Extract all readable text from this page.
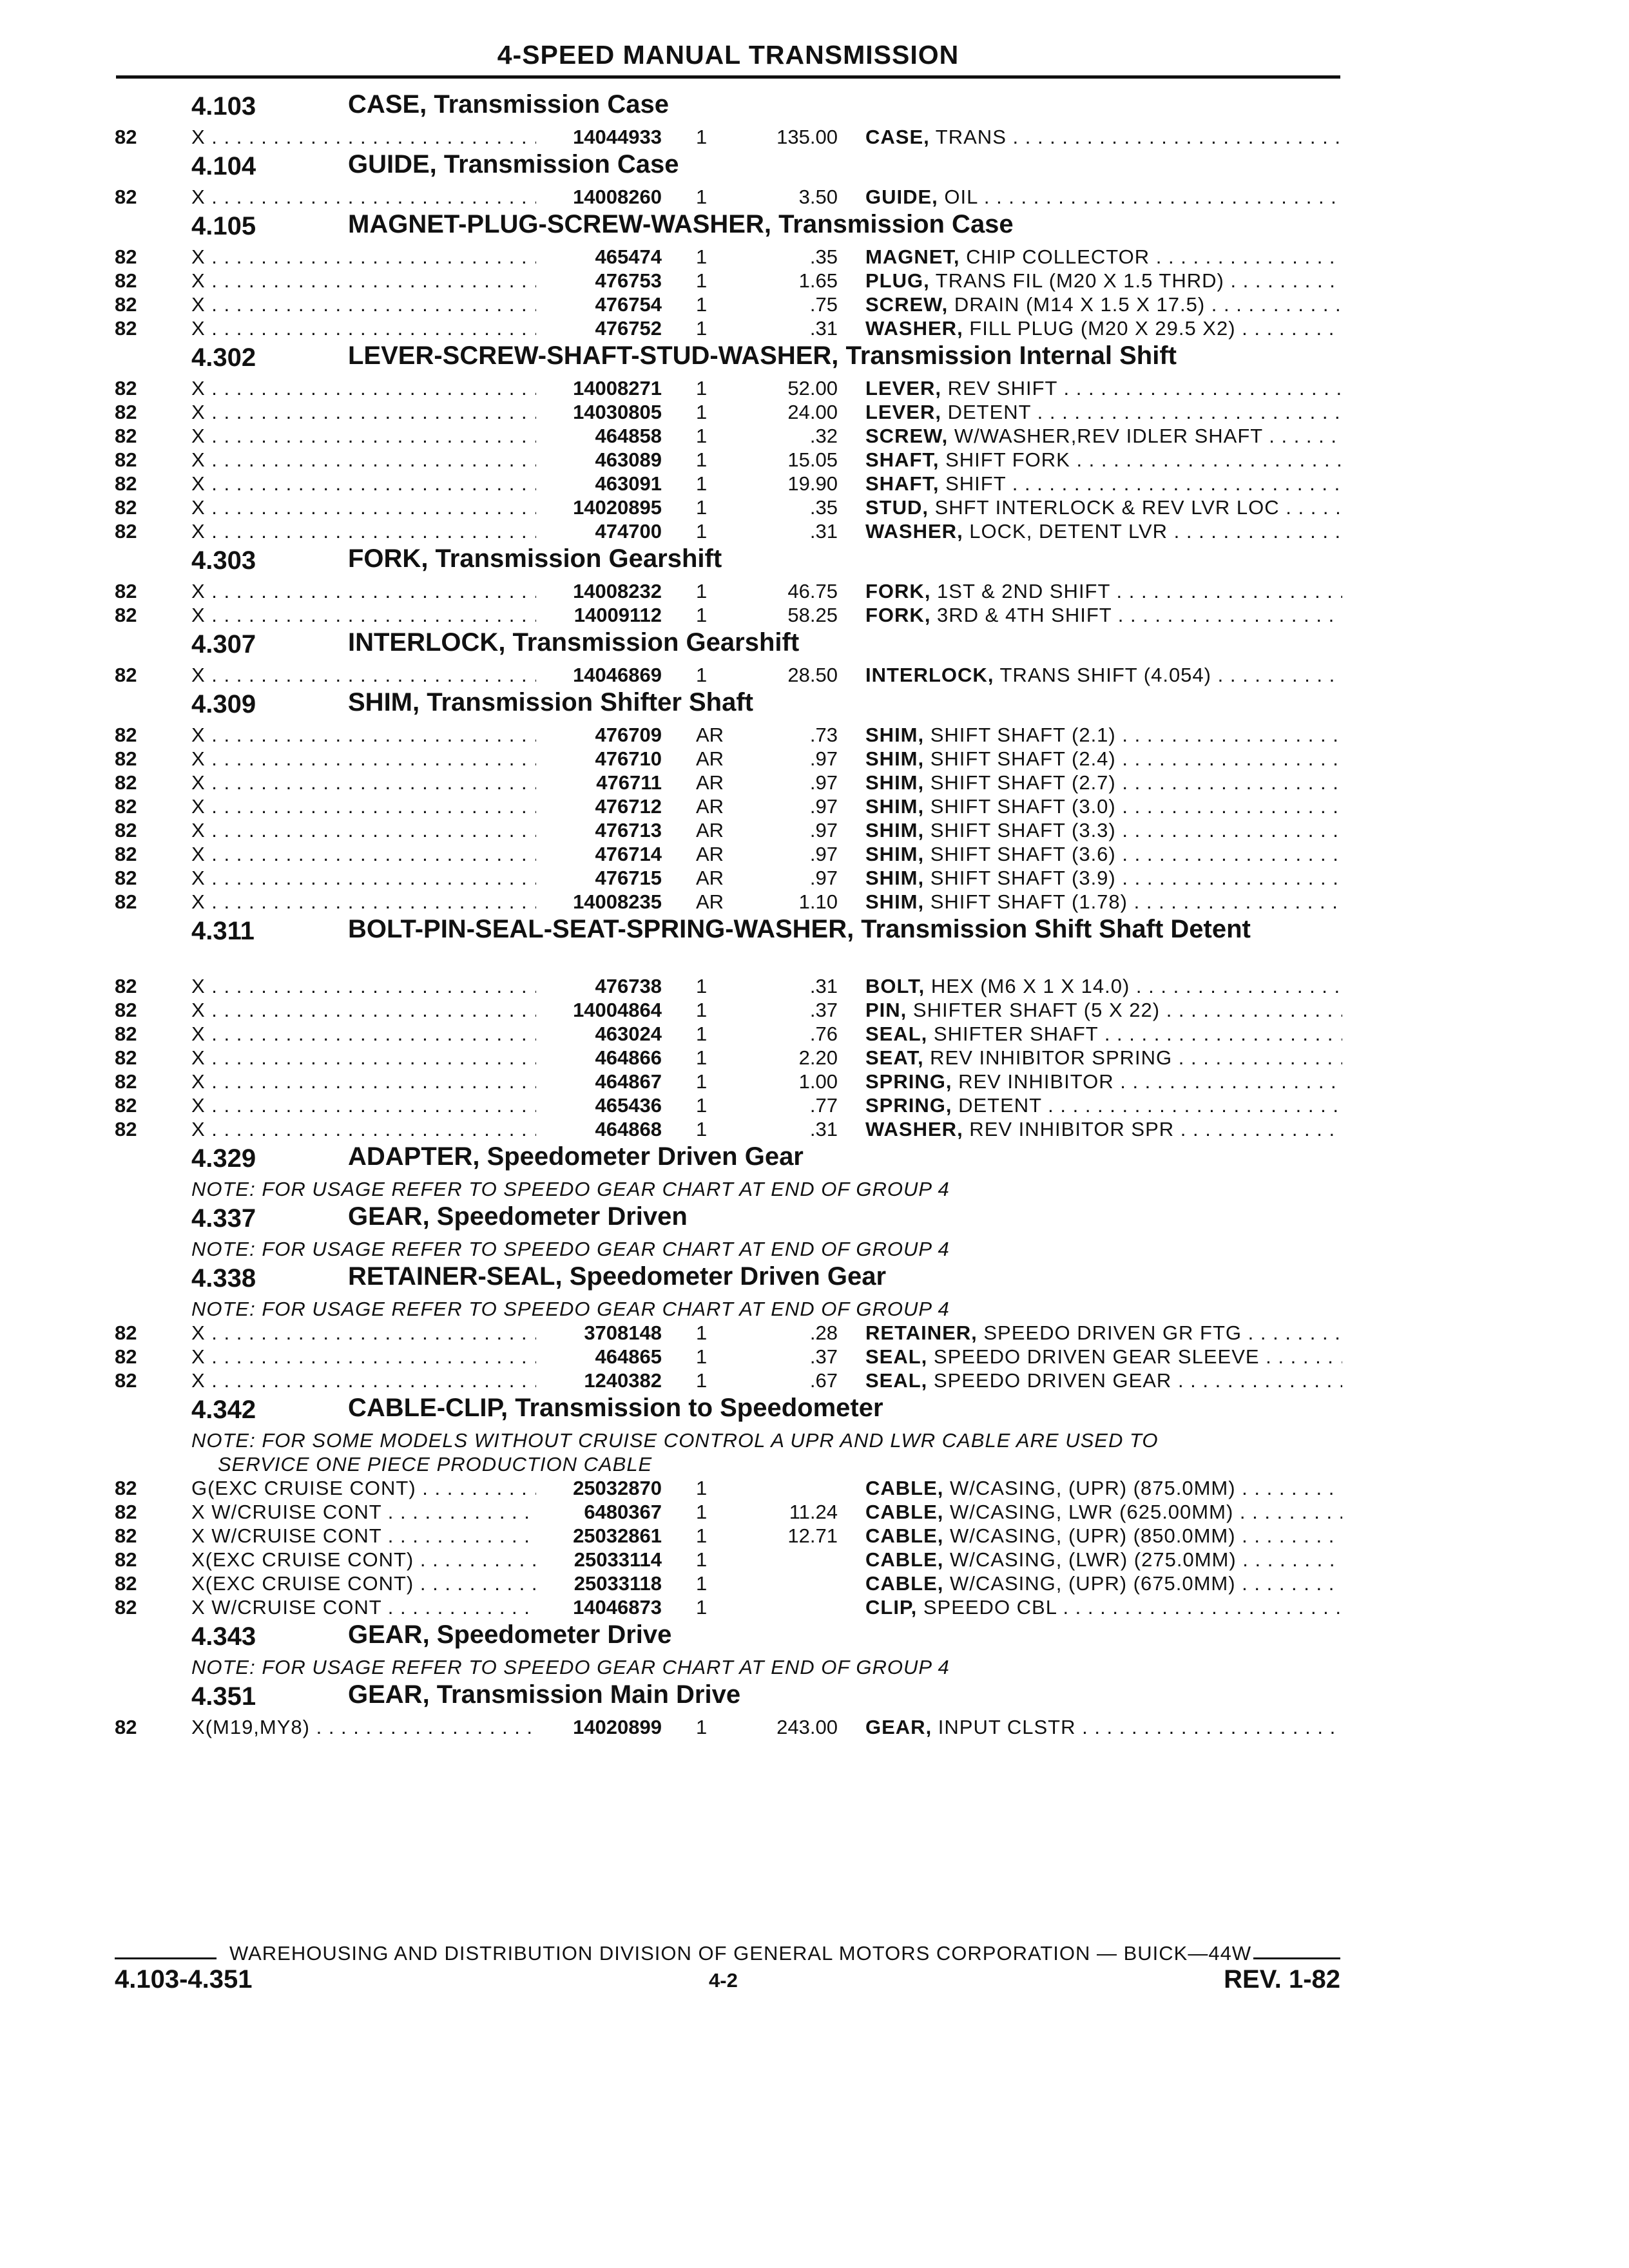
4-SPEED MANUAL TRANSMISSION
4.103	CASE, Transmission Case
82	X . . .	14044933 1	135.00 CASE, TRANS . . .
4.104	GUIDE, Transmission Case
82	X . . .	14008260 1	3.50 GUIDE, OIL . . .
4.105	MAGNET-PLUG-SCREW-WASHER, Transmission Case
82	X . . .	465474 1	.35 MAGNET, CHIP COLLECTOR . . .
82	X . . .	476753 1	1.65 PLUG, TRANS FIL (M20 X 1.5 THRD) . . .
82	X . . .	476754 1	.75 SCREW, DRAIN (M14 X 1.5 X 17.5) . . .
82	X . . .	476752 1	.31 WASHER, FILL PLUG (M20 X 29.5 X2) . . .
4.302	LEVER-SCREW-SHAFT-STUD-WASHER, Transmission Internal Shift
82	X . . .	14008271 1	52.00 LEVER, REV SHIFT . . .
82	X . . .	14030805 1	24.00 LEVER, DETENT . . .
82	X . . .	464858 1	.32 SCREW, W/WASHER,REV IDLER SHAFT . . .
82	X . . .	463089 1	15.05 SHAFT, SHIFT FORK . . .
82	X . . .	463091 1	19.90 SHAFT, SHIFT . . .
82	X . . .	14020895 1	.35 STUD, SHFT INTERLOCK & REV LVR LOC . . .
82	X . . .	474700 1	.31 WASHER, LOCK, DETENT LVR . . .
4.303	FORK, Transmission Gearshift
82	X . . .	14008232 1	46.75 FORK, 1ST & 2ND SHIFT . . .
82	X . . .	14009112 1	58.25 FORK, 3RD & 4TH SHIFT . . .
4.307	INTERLOCK, Transmission Gearshift
82	X . . .	14046869 1	28.50 INTERLOCK, TRANS SHIFT (4.054) . . .
4.309	SHIM, Transmission Shifter Shaft
82	X . . .	476709 AR	.73 SHIM, SHIFT SHAFT (2.1) . . .
82	X . . .	476710 AR	.97 SHIM, SHIFT SHAFT (2.4) . . .
82	X . . .	476711 AR	.97 SHIM, SHIFT SHAFT (2.7) . . .
82	X . . .	476712 AR	.97 SHIM, SHIFT SHAFT (3.0) . . .
82	X . . .	476713 AR	.97 SHIM, SHIFT SHAFT (3.3) . . .
82	X . . .	476714 AR	.97 SHIM, SHIFT SHAFT (3.6) . . .
82	X . . .	476715 AR	.97 SHIM, SHIFT SHAFT (3.9) . . .
82	X . . .	14008235 AR	1.10 SHIM, SHIFT SHAFT (1.78) . . .
4.311	BOLT-PIN-SEAL-SEAT-SPRING-WASHER, Transmission Shift Shaft Detent
82	X . . .	476738 1	.31 BOLT, HEX (M6 X 1 X 14.0) . . .
82	X . . .	14004864 1	.37 PIN, SHIFTER SHAFT (5 X 22) . . .
82	X . . .	463024 1	.76 SEAL, SHIFTER SHAFT . . .
82	X . . .	464866 1	2.20 SEAT, REV INHIBITOR SPRING . . .
82	X . . .	464867 1	1.00 SPRING, REV INHIBITOR . . .
82	X . . .	465436 1	.77 SPRING, DETENT . . .
82	X . . .	464868 1	.31 WASHER, REV INHIBITOR SPR . . .
4.329	ADAPTER, Speedometer Driven Gear
NOTE: FOR USAGE REFER TO SPEEDO GEAR CHART AT END OF GROUP 4
4.337	GEAR, Speedometer Driven
NOTE: FOR USAGE REFER TO SPEEDO GEAR CHART AT END OF GROUP 4
4.338	RETAINER-SEAL, Speedometer Driven Gear
NOTE: FOR USAGE REFER TO SPEEDO GEAR CHART AT END OF GROUP 4
82	X . . .	3708148 1	.28 RETAINER, SPEEDO DRIVEN GR FTG . . .
82	X . . .	464865 1	.37 SEAL, SPEEDO DRIVEN GEAR SLEEVE . . .
82	X . . .	1240382 1	.67 SEAL, SPEEDO DRIVEN GEAR . . .
4.342	CABLE-CLIP, Transmission to Speedometer
NOTE: FOR SOME MODELS WITHOUT CRUISE CONTROL A UPR AND LWR CABLE ARE USED TO
SERVICE ONE PIECE PRODUCTION CABLE
82	G(EXC CRUISE CONT) . . .	25032870 1	CABLE, W/CASING, (UPR) (875.0MM) . . .
82	X W/CRUISE CONT . . .	6480367 1	11.24 CABLE, W/CASING, LWR (625.00MM) . . .
82	X W/CRUISE CONT . . .	25032861 1	12.71 CABLE, W/CASING, (UPR) (850.0MM) . . .
82	X(EXC CRUISE CONT) . . .	25033114 1	CABLE, W/CASING, (LWR) (275.0MM) . . .
82	X(EXC CRUISE CONT) . . .	25033118 1	CABLE, W/CASING, (UPR) (675.0MM) . . .
82	X W/CRUISE CONT . . .	14046873 1	CLIP, SPEEDO CBL . . .
4.343	GEAR, Speedometer Drive
NOTE: FOR USAGE REFER TO SPEEDO GEAR CHART AT END OF GROUP 4
4.351	GEAR, Transmission Main Drive
82	X(M19,MY8) . . .	14020899 1	243.00 GEAR, INPUT CLSTR . . .
WAREHOUSING AND DISTRIBUTION DIVISION OF GENERAL MOTORS CORPORATION — BUICK—44W
4.103-4.351	4-2	REV. 1-82
